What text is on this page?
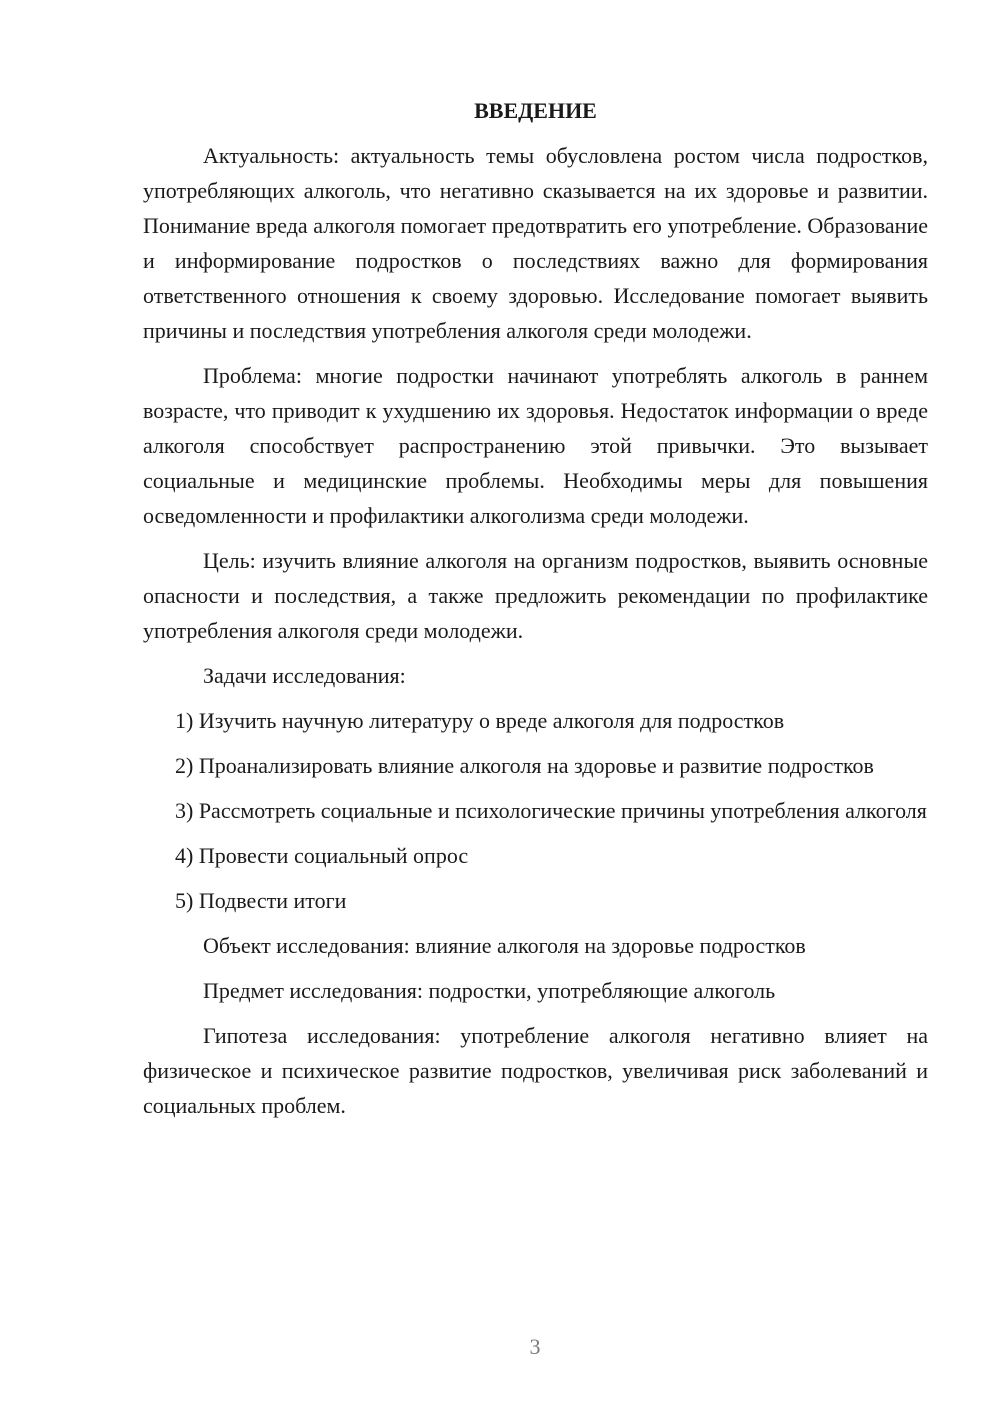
ВВЕДЕНИЕ

Актуальность: актуальность темы обусловлена ростом числа подростков, употребляющих алкоголь, что негативно сказывается на их здоровье и развитии. Понимание вреда алкоголя помогает предотвратить его употребление. Образование и информирование подростков о последствиях важно для формирования ответственного отношения к своему здоровью. Исследование помогает выявить причины и последствия употребления алкоголя среди молодежи.

Проблема: многие подростки начинают употреблять алкоголь в раннем возрасте, что приводит к ухудшению их здоровья. Недостаток информации о вреде алкоголя способствует распространению этой привычки. Это вызывает социальные и медицинские проблемы. Необходимы меры для повышения осведомленности и профилактики алкоголизма среди молодежи.

Цель: изучить влияние алкоголя на организм подростков, выявить основные опасности и последствия, а также предложить рекомендации по профилактике употребления алкоголя среди молодежи.

Задачи исследования:

1) Изучить научную литературу о вреде алкоголя для подростков

2) Проанализировать влияние алкоголя на здоровье и развитие подростков

3) Рассмотреть социальные и психологические причины употребления алкоголя

4) Провести социальный опрос

5) Подвести итоги

Объект исследования: влияние алкоголя на здоровье подростков

Предмет исследования: подростки, употребляющие алкоголь

Гипотеза исследования: употребление алкоголя негативно влияет на физическое и психическое развитие подростков, увеличивая риск заболеваний и социальных проблем.

3
